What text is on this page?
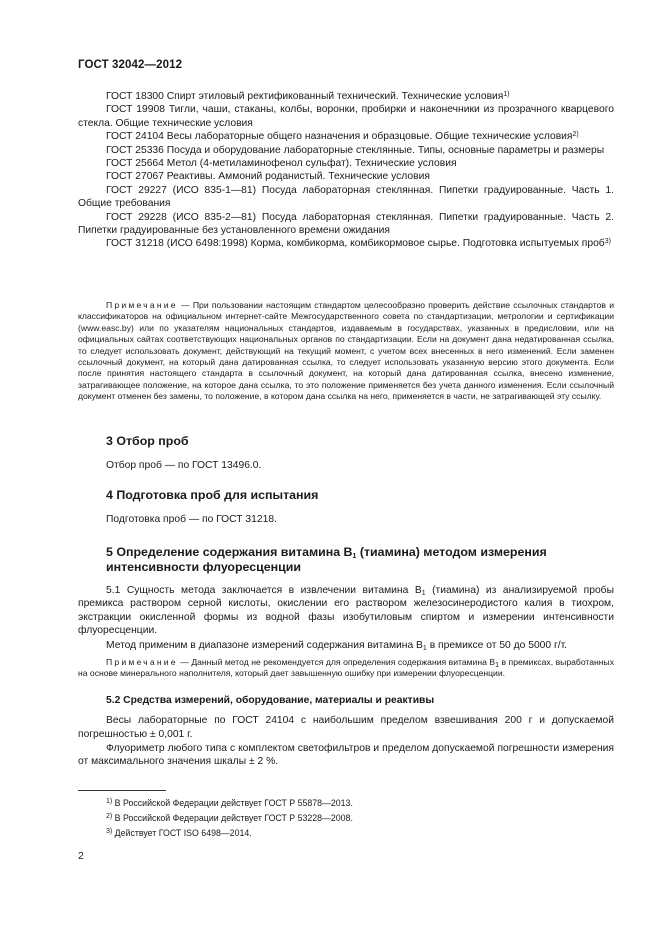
ГОСТ 32042—2012

ГОСТ 18300 Спирт этиловый ректификованный технический. Технические условия$^{1)}$

ГОСТ 19908 Тигли, чаши, стаканы, колбы, воронки, пробирки и наконечники из прозрачного кварцевого стекла. Общие технические условия

ГОСТ 24104 Весы лабораторные общего назначения и образцовые. Общие технические условия$^{2)}$

ГОСТ 25336 Посуда и оборудование лабораторные стеклянные. Типы, основные параметры и размеры

ГОСТ 25664 Метол (4-метиламинофенол сульфат). Технические условия

ГОСТ 27067 Реактивы. Аммоний роданистый. Технические условия

ГОСТ 29227 (ИСО 835-1—81) Посуда лабораторная стеклянная. Пипетки градуированные. Часть 1. Общие требования

ГОСТ 29228 (ИСО 835-2—81) Посуда лабораторная стеклянная. Пипетки градуированные. Часть 2. Пипетки градуированные без установленного времени ожидания

ГОСТ 31218 (ИСО 6498:1998) Корма, комбикорма, комбикормовое сырье. Подготовка испытуемых проб$^{3)}$

Примечание — При пользовании настоящим стандартом целесообразно проверить действие ссылочных стандартов и классификаторов на официальном интернет-сайте Межгосударственного совета по стандартизации, метрологии и сертификации (www.easc.by) или по указателям национальных стандартов, издаваемым в государствах, указанных в предисловии, или на официальных сайтах соответствующих национальных органов по стандартизации. Если на документ дана недатированная ссылка, то следует использовать документ, действующий на текущий момент, с учетом всех внесенных в него изменений. Если заменен ссылочный документ, на который дана датированная ссылка, то следует использовать указанную версию этого документа. Если после принятия настоящего стандарта в ссылочный документ, на который дана датированная ссылка, внесено изменение, затрагивающее положение, на которое дана ссылка, то это положение применяется без учета данного изменения. Если ссылочный документ отменен без замены, то положение, в котором дана ссылка на него, применяется в части, не затрагивающей эту ссылку.

3 Отбор проб

Отбор проб — по ГОСТ 13496.0.

4 Подготовка проб для испытания

Подготовка проб — по ГОСТ 31218.

5 Определение содержания витамина $B_1$ (тиамина) методом измерения интенсивности флуоресценции

5.1 Сущность метода заключается в извлечении витамина $B_1$ (тиамина) из анализируемой пробы премикса раствором серной кислоты, окислении его раствором железосинеродистого калия в тиохром, экстракции окисленной формы из водной фазы изобутиловым спиртом и измерении интенсивности флуоресценции.

Метод применим в диапазоне измерений содержания витамина $B_1$ в премиксе от 50 до 5000 г/т.

Примечание — Данный метод не рекомендуется для определения содержания витамина $B_1$ в премиксах, выработанных на основе минерального наполнителя, который дает завышенную ошибку при измерении флуоресценции.

5.2 Средства измерений, оборудование, материалы и реактивы

Весы лабораторные по ГОСТ 24104 с наибольшим пределом взвешивания 200 г и допускаемой погрешностью ± 0,001 г.

Флуориметр любого типа с комплектом светофильтров и пределом допускаемой погрешности измерения от максимального значения шкалы ± 2 %.

$^{1)}$ В Российской Федерации действует ГОСТ Р 55878—2013.
$^{2)}$ В Российской Федерации действует ГОСТ Р 53228—2008.
$^{3)}$ Действует ГОСТ ISO 6498—2014.
2
